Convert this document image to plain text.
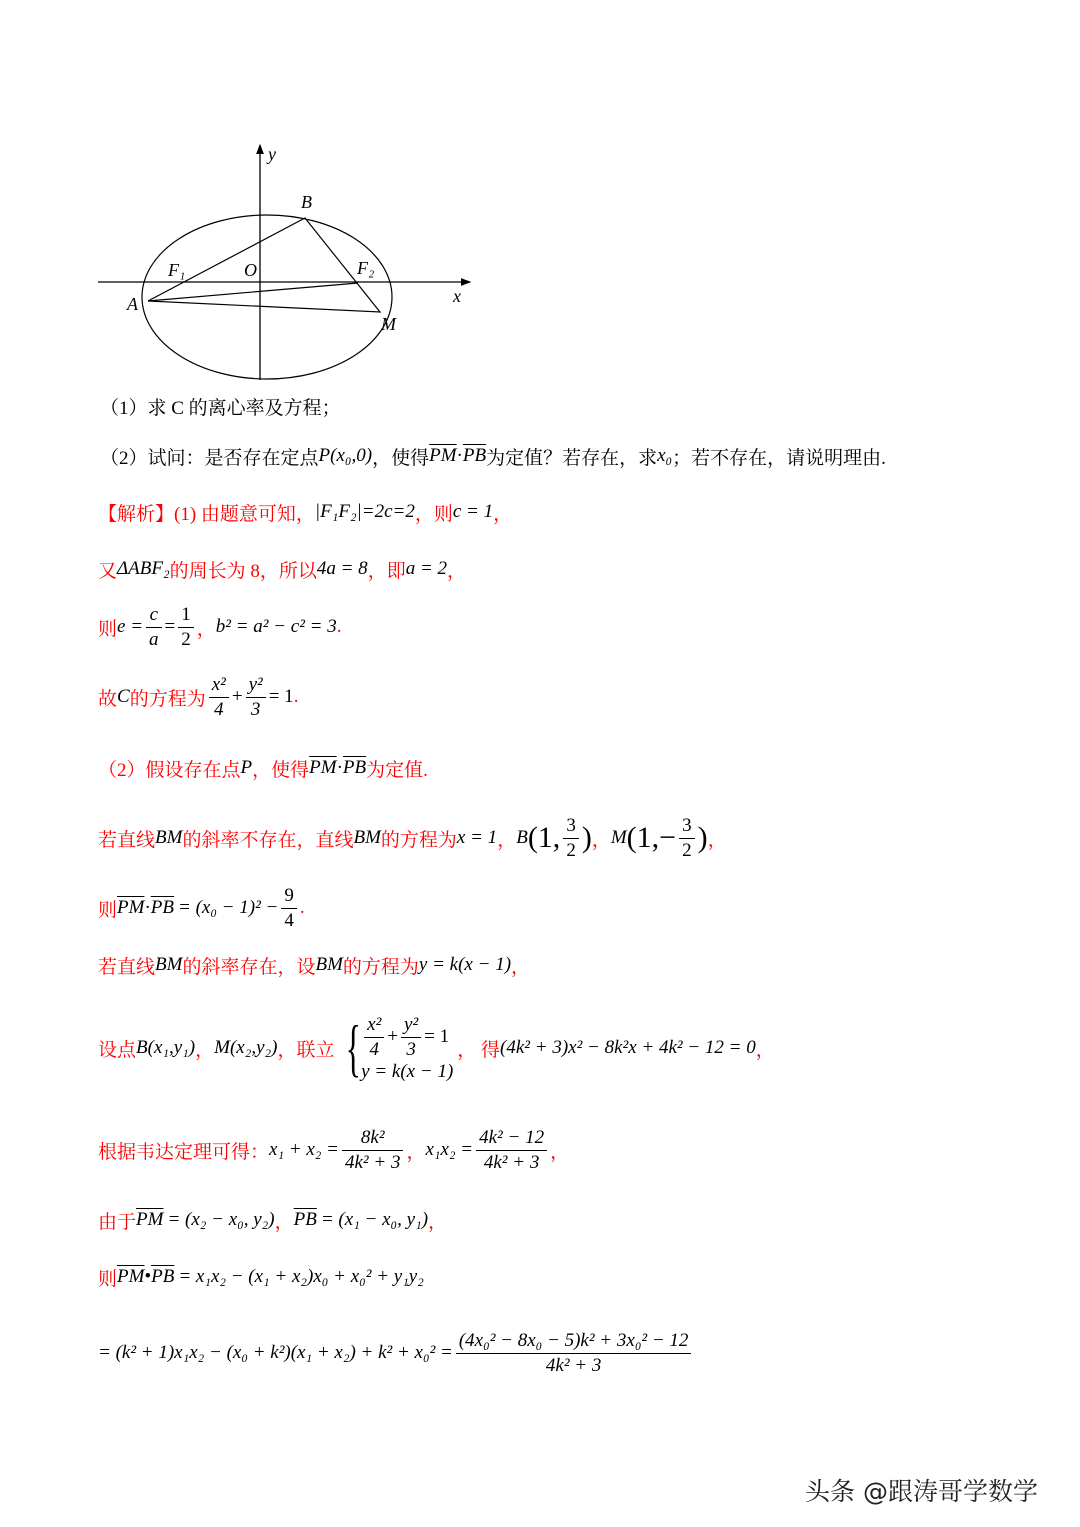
y
B
F₁	O	F₂
x
A
M
（1）求 C 的离心率及方程；
（2）试问：是否存在定点 P(x₀,0) ，使得 $\overline{PM} \cdot \overline{PB}$ 为定值？若存在，求 x₀ ；若不存在，请说明理由.
【解析】(1) 由题意可知， |F₁F₂|=2c=2 ，则 c = 1 ，
又 ΔABF₂ 的周长为 8，所以 4a = 8 ，即 a = 2 ，
则 $e = \frac{c}{a} = \frac{1}{2}$ ， b² = a² − c² = 3 .
故 C 的方程为 $\frac{\text{x²}}{4} + \frac{\text{y²}}{3} = 1$ .
（2）假设存在点 P ，使得 $\overline{PM} \cdot \overline{PB}$ 为定值.
若直线 BM 的斜率不存在，直线 BM 的方程为 x = 1 ， B (1, $\frac{3}{2}$ ) ， M ($1,- \frac{3}{2}$ ) ，
则 $\overline{PM} \cdot \overline{PB} = (x_0 - 1)^2 - \frac{9}{4}$ .
若直线 BM 的斜率存在，设 BM 的方程为 y = k(x − 1) ，
设点 B(x₁,y₁) ， M(x₂,y₂) ，联立 { $\frac{\text{x²}}{4} + \frac{\text{y²}}{3} = 1$
y = k(x − 1)
， 得 (4k² + 3)x² − 8k²x + 4k² − 12 = 0 ，
根据韦达定理可得： $x_1 + x_2 = \frac{\text{8k²}}{\text{4k² + 3}}$ ， $x_1x_2 = \frac{\text{4k² − 12}}{\text{4k² + 3}}$ ，
由于 $\overline{PM} = (x_2 - x_0$, y₂) ， $\overline{PB} = (x_1 - x_0$, y₁) ，
则 $\overline{PM}$ • $\overline{PB} = x_1x_2 - (x_1 + x_2)x_0 + x_0^2 + y_1y_2$
= $(k^2 + 1)x_1x_2 - (x_0 + k^2)(x_1 + x_2) + k^2 + x_0^2 = \frac{\text{(4x₀² − 8x₀ − 5)k² + 3x₀² − 12}}{\text{4k² + 3}}$
头条 @跟涛哥学数学
